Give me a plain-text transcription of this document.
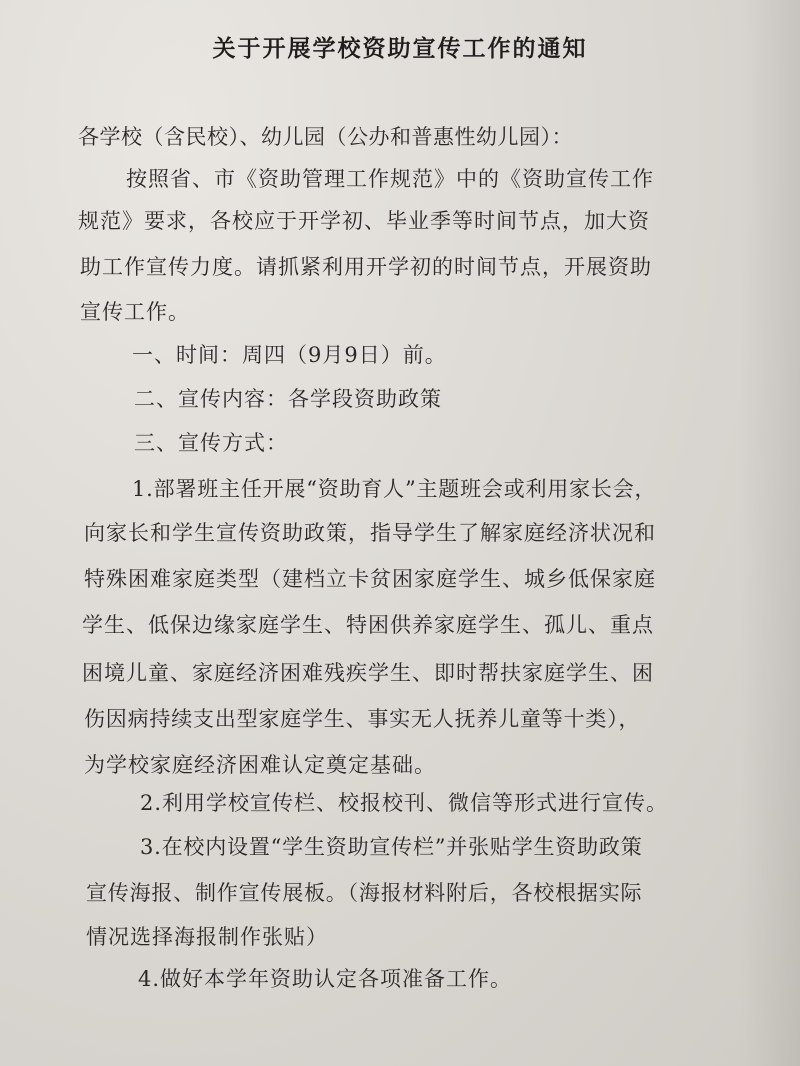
关于开展学校资助宣传工作的通知
各学校（含民校）、幼儿园（公办和普惠性幼儿园）：
按照省、市《资助管理工作规范》中的《资助宣传工作
规范》要求，各校应于开学初、毕业季等时间节点，加大资
助工作宣传力度。请抓紧利用开学初的时间节点，开展资助
宣传工作。
一、时间：周四（9月9日）前。
二、宣传内容：各学段资助政策
三、宣传方式：
1.部署班主任开展“资助育人”主题班会或利用家长会，
向家长和学生宣传资助政策，指导学生了解家庭经济状况和
特殊困难家庭类型（建档立卡贫困家庭学生、城乡低保家庭
学生、低保边缘家庭学生、特困供养家庭学生、孤儿、重点
困境儿童、家庭经济困难残疾学生、即时帮扶家庭学生、困
伤因病持续支出型家庭学生、事实无人抚养儿童等十类），
为学校家庭经济困难认定奠定基础。
2.利用学校宣传栏、校报校刊、微信等形式进行宣传。
3.在校内设置“学生资助宣传栏”并张贴学生资助政策
宣传海报、制作宣传展板。（海报材料附后，各校根据实际
情况选择海报制作张贴）
4.做好本学年资助认定各项准备工作。
